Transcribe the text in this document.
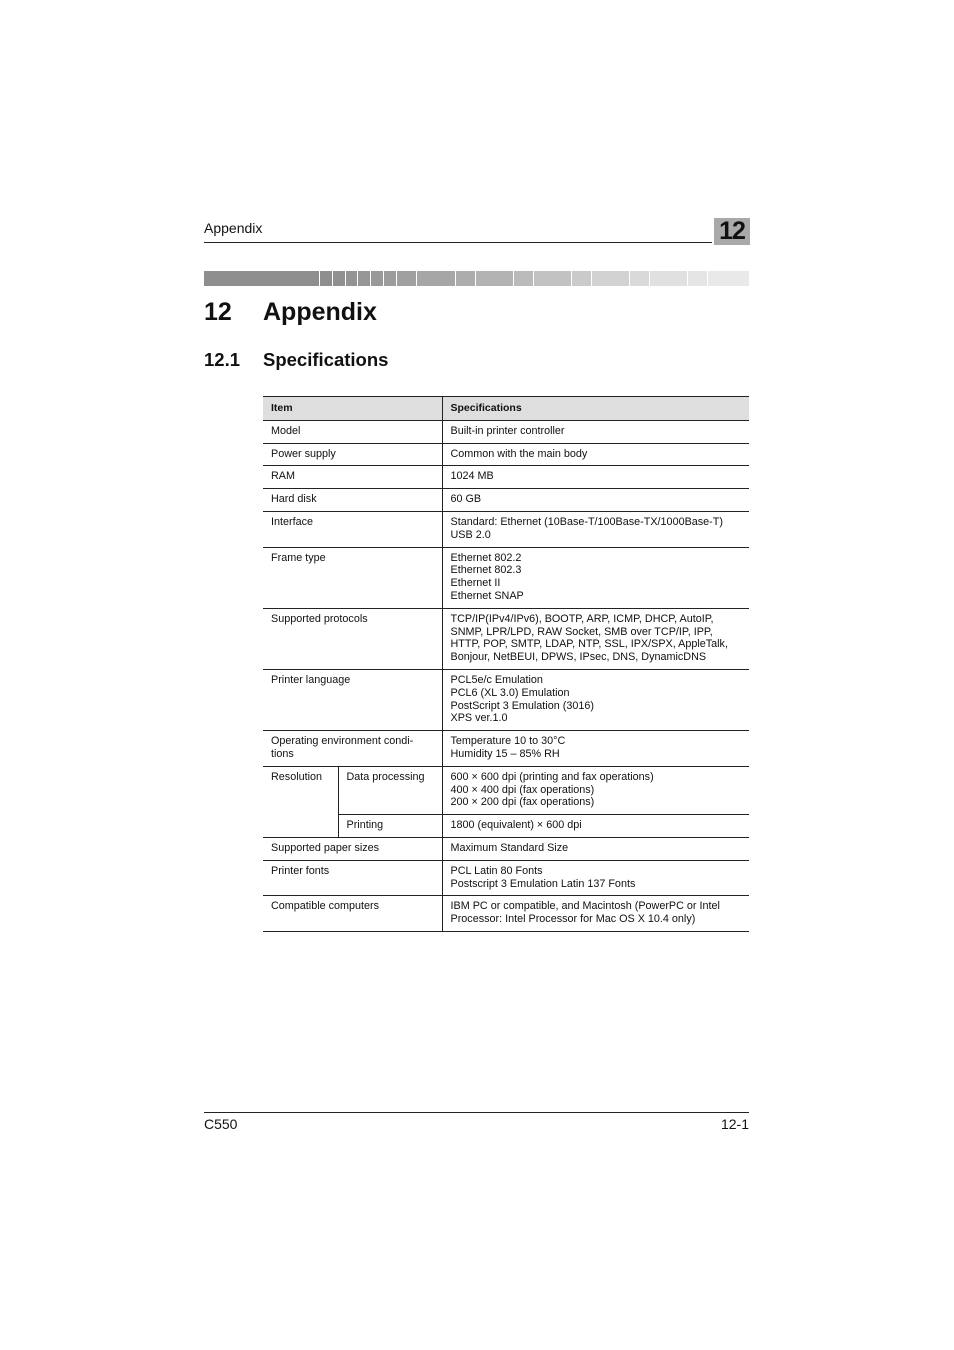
Appendix	12
12 Appendix
12.1 Specifications
Item		Specifications
Model		Built-in printer controller

Power supply		Common with the main body

RAM		1024 MB

Hard disk		60 GB

Interface		Standard: Ethernet (10Base-T/100Base-TX/1000Base-T)
USB 2.0

Frame type		Ethernet 802.2
Ethernet 802.3
Ethernet II
Ethernet SNAP

Supported protocols		TCP/IP(IPv4/IPv6), BOOTP, ARP, ICMP, DHCP, AutoIP,
SNMP, LPR/LPD, RAW Socket, SMB over TCP/IP, IPP,
HTTP, POP, SMTP, LDAP, NTP, SSL, IPX/SPX, AppleTalk,
Bonjour, NetBEUI, DPWS, IPsec, DNS, DynamicDNS

Printer language		PCL5e/c Emulation
PCL6 (XL 3.0) Emulation
PostScript 3 Emulation (3016)
XPS ver.1.0

Operating environment condi-
tions		Temperature 10 to 30°C
Humidity 15 – 85% RH

Resolution	Data processing	600 × 600 dpi (printing and fax operations)
400 × 400 dpi (fax operations)
200 × 200 dpi (fax operations)

	Printing	1800 (equivalent) × 600 dpi

Supported paper sizes		Maximum Standard Size

Printer fonts		PCL Latin 80 Fonts
Postscript 3 Emulation Latin 137 Fonts

Compatible computers		IBM PC or compatible, and Macintosh (PowerPC or Intel
Processor: Intel Processor for Mac OS X 10.4 only)
C550	12-1
